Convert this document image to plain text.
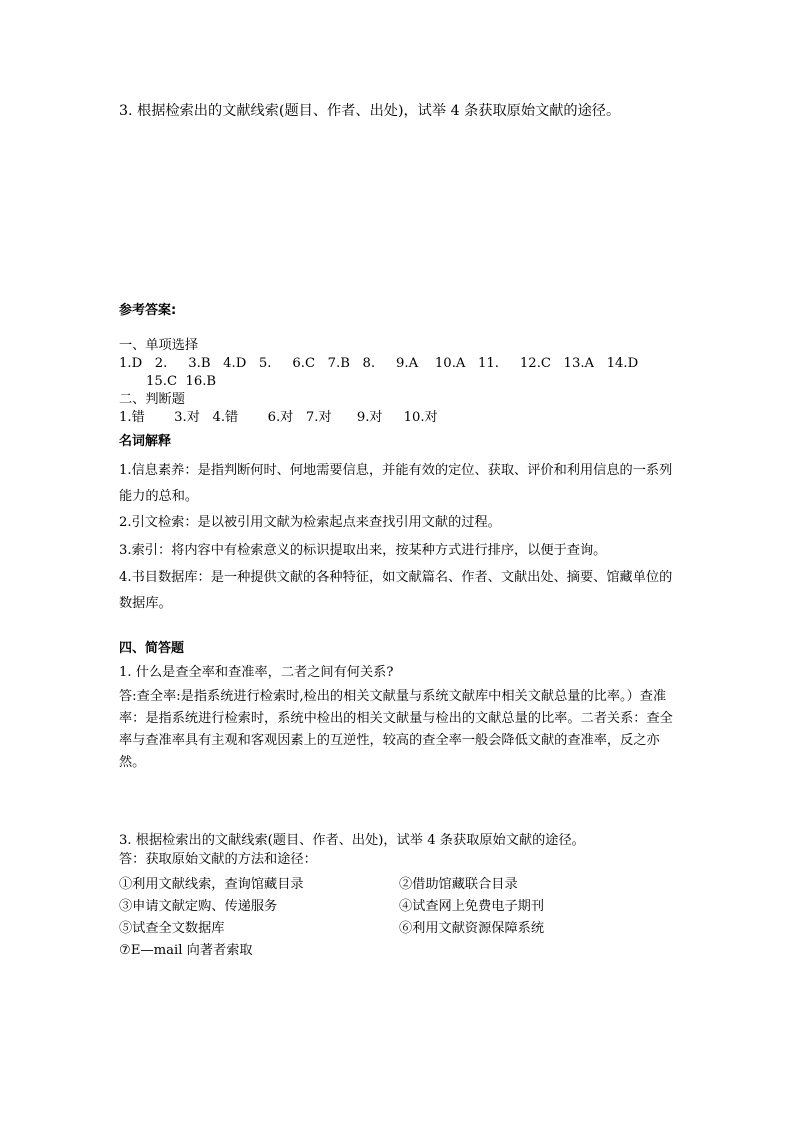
3. 根据检索出的文献线索(题目、作者、出处)，试举 4 条获取原始文献的途径。
参考答案:
一、单项选择
1.D   2.     3.B   4.D   5.     6.C   7.B   8.     9.A    10.A   11.     12.C   13.A   14.D
15.C  16.B
二、判断题
1.错       3.对   4.错       6.对   7.对      9.对     10.对
名词解释
1.信息素养：是指判断何时、何地需要信息，并能有效的定位、获取、评价和利用信息的一系列能力的总和。
2.引文检索：是以被引用文献为检索起点来查找引用文献的过程。
3.索引：将内容中有检索意义的标识提取出来，按某种方式进行排序，以便于查询。
4.书目数据库：是一种提供文献的各种特征，如文献篇名、作者、文献出处、摘要、馆藏单位的数据库。
四、简答题
1. 什么是查全率和查准率，二者之间有何关系?
答:查全率:是指系统进行检索时,检出的相关文献量与系统文献库中相关文献总量的比率。）查准率：是指系统进行检索时，系统中检出的相关文献量与检出的文献总量的比率。二者关系：查全率与查准率具有主观和客观因素上的互逆性，较高的查全率一般会降低文献的查准率，反之亦然。
3. 根据检索出的文献线索(题目、作者、出处)，试举 4 条获取原始文献的途径。
答：获取原始文献的方法和途径：
①利用文献线索，查询馆藏目录	②借助馆藏联合目录
③申请文献定购、传递服务	④试查网上免费电子期刊
⑤试查全文数据库	⑥利用文献资源保障系统
⑦E—mail 向著者索取
